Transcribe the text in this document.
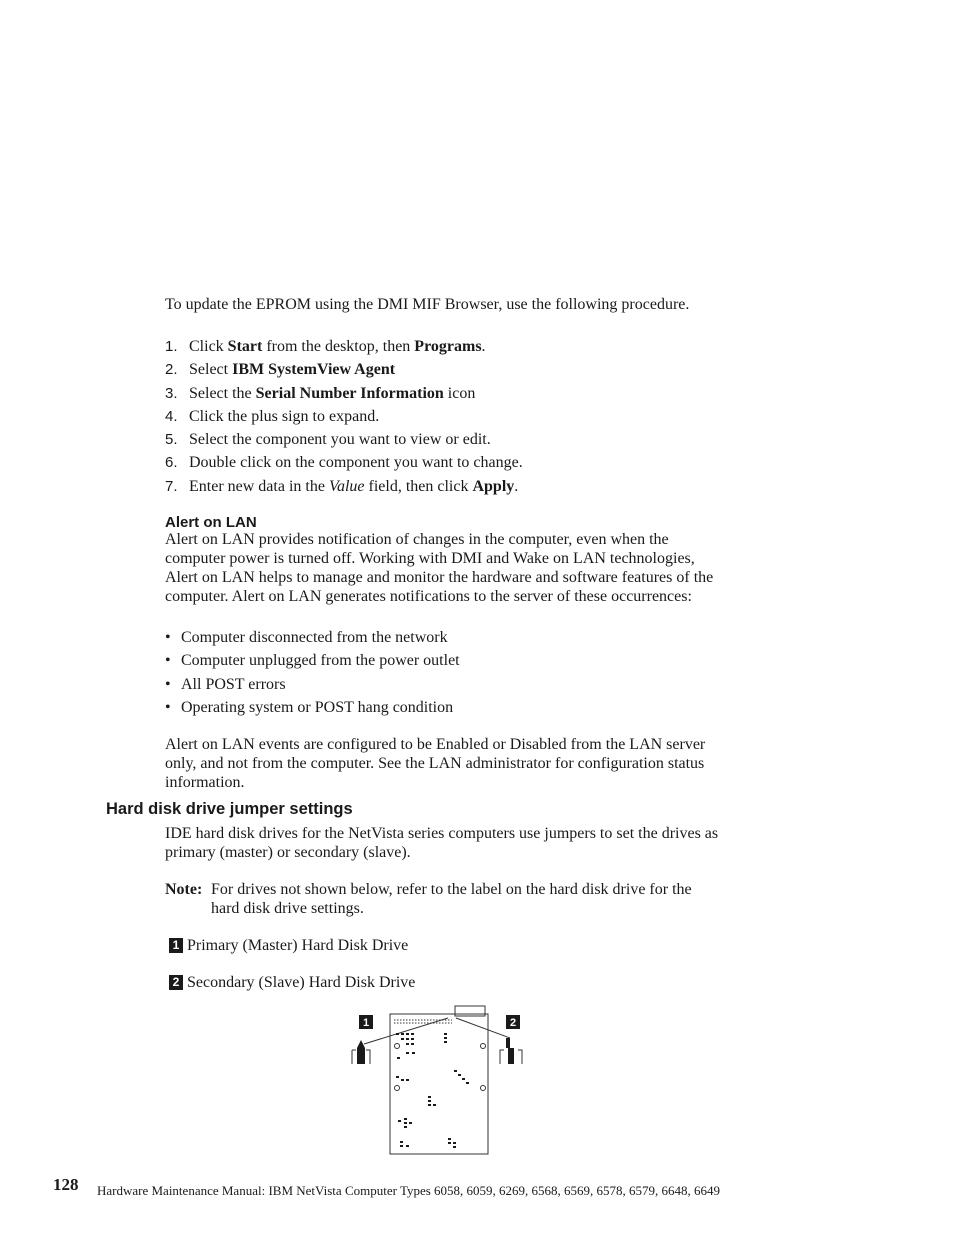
To update the EPROM using the DMI MIF Browser, use the following procedure.
1. Click Start from the desktop, then Programs.
2. Select IBM SystemView Agent
3. Select the Serial Number Information icon
4. Click the plus sign to expand.
5. Select the component you want to view or edit.
6. Double click on the component you want to change.
7. Enter new data in the Value field, then click Apply.
Alert on LAN
Alert on LAN provides notification of changes in the computer, even when the computer power is turned off. Working with DMI and Wake on LAN technologies, Alert on LAN helps to manage and monitor the hardware and software features of the computer. Alert on LAN generates notifications to the server of these occurrences:
• Computer disconnected from the network
• Computer unplugged from the power outlet
• All POST errors
• Operating system or POST hang condition
Alert on LAN events are configured to be Enabled or Disabled from the LAN server only, and not from the computer. See the LAN administrator for configuration status information.
Hard disk drive jumper settings
IDE hard disk drives for the NetVista series computers use jumpers to set the drives as primary (master) or secondary (slave).
Note: For drives not shown below, refer to the label on the hard disk drive for the hard disk drive settings.
1 Primary (Master) Hard Disk Drive
2 Secondary (Slave) Hard Disk Drive
1	2
128 Hardware Maintenance Manual: IBM NetVista Computer Types 6058, 6059, 6269, 6568, 6569, 6578, 6579, 6648, 6649
